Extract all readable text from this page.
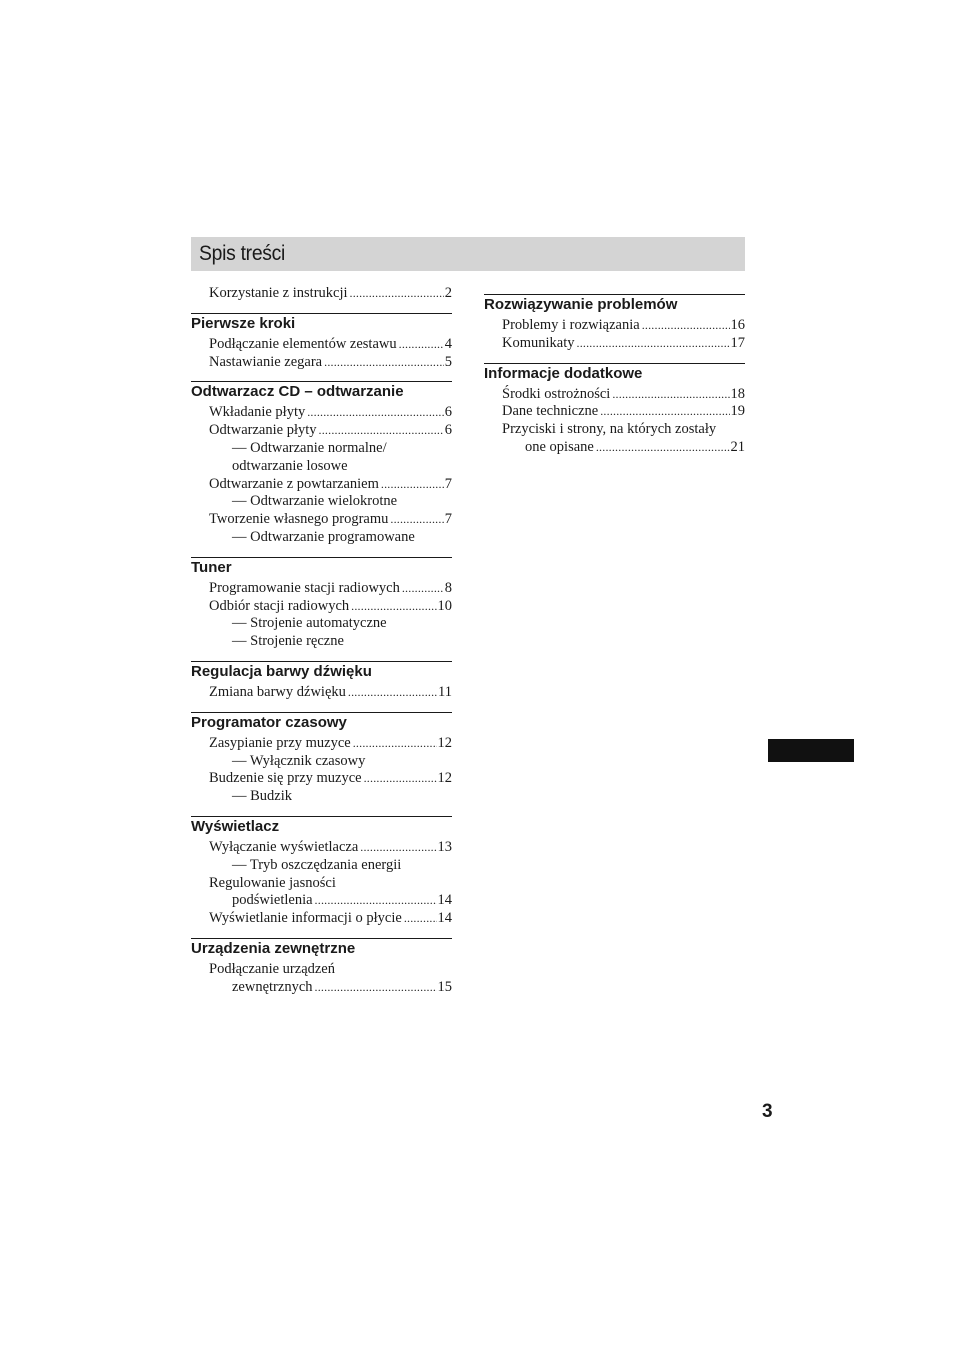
Spis treści
Korzystanie z instrukcji .....	2
Pierwsze kroki
Podłączanie elementów zestawu .....	4
Nastawianie zegara .....	5
Odtwarzacz CD – odtwarzanie
Wkładanie płyty .....	6
Odtwarzanie płyty .....	6
— Odtwarzanie normalne/
odtwarzanie losowe
Odtwarzanie z powtarzaniem .....	7
— Odtwarzanie wielokrotne
Tworzenie własnego programu .....	7
— Odtwarzanie programowane
Tuner
Programowanie stacji radiowych .....	8
Odbiór stacji radiowych .....	10
— Strojenie automatyczne
— Strojenie ręczne
Regulacja barwy dźwięku
Zmiana barwy dźwięku .....	11
Programator czasowy
Zasypianie przy muzyce .....	12
— Wyłącznik czasowy
Budzenie się przy muzyce .....	12
— Budzik
Wyświetlacz
Wyłączanie wyświetlacza .....	13
— Tryb oszczędzania energii
Regulowanie jasności
podświetlenia .....	14
Wyświetlanie informacji o płycie ..... 14
Urządzenia zewnętrzne
Podłączanie urządzeń
zewnętrznych .....	15
Rozwiązywanie problemów
Problemy i rozwiązania .....	16
Komunikaty .....	17
Informacje dodatkowe
Środki ostrożności .....	18
Dane techniczne .....	19
Przyciski i strony, na których zostały
one opisane .....	21
3
